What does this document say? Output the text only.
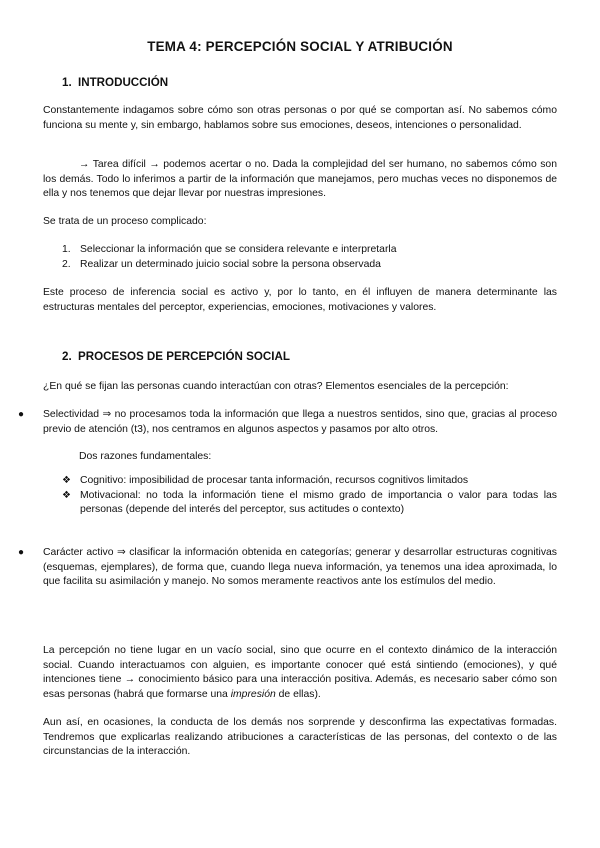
TEMA 4: PERCEPCIÓN SOCIAL Y ATRIBUCIÓN
1. INTRODUCCIÓN

Constantemente indagamos sobre cómo son otras personas o por qué se comportan así. No sabemos cómo funciona su mente y, sin embargo, hablamos sobre sus emociones, deseos, intenciones o personalidad.

→ Tarea difícil → podemos acertar o no. Dada la complejidad del ser humano, no sabemos cómo son los demás. Todo lo inferimos a partir de la información que manejamos, pero muchas veces no disponemos de ella y nos tenemos que dejar llevar por nuestras impresiones.

Se trata de un proceso complicado:

1. Seleccionar la información que se considera relevante e interpretarla
2. Realizar un determinado juicio social sobre la persona observada

Este proceso de inferencia social es activo y, por lo tanto, en él influyen de manera determinante las estructuras mentales del perceptor, experiencias, emociones, motivaciones y valores.

2. PROCESOS DE PERCEPCIÓN SOCIAL

¿En qué se fijan las personas cuando interactúan con otras? Elementos esenciales de la percepción:

● Selectividad ⇒ no procesamos toda la información que llega a nuestros sentidos, sino que, gracias al proceso previo de atención (t3), nos centramos en algunos aspectos y pasamos por alto otros.

Dos razones fundamentales:

❖ Cognitivo: imposibilidad de procesar tanta información, recursos cognitivos limitados
❖ Motivacional: no toda la información tiene el mismo grado de importancia o valor para todas las personas (depende del interés del perceptor, sus actitudes o contexto)
● Carácter activo ⇒ clasificar la información obtenida en categorías; generar y desarrollar estructuras cognitivas (esquemas, ejemplares), de forma que, cuando llega nueva información, ya tenemos una idea aproximada, lo que facilita su asimilación y manejo. No somos meramente reactivos ante los estímulos del medio.

La percepción no tiene lugar en un vacío social, sino que ocurre en el contexto dinámico de la interacción social. Cuando interactuamos con alguien, es importante conocer qué está sintiendo (emociones), y qué intenciones tiene → conocimiento básico para una interacción positiva. Además, es necesario saber cómo son esas personas (habrá que formarse una impresión de ellas).

Aun así, en ocasiones, la conducta de los demás nos sorprende y desconfirma las expectativas formadas. Tendremos que explicarlas realizando atribuciones a características de las personas, del contexto o de las circunstancias de la interacción.
